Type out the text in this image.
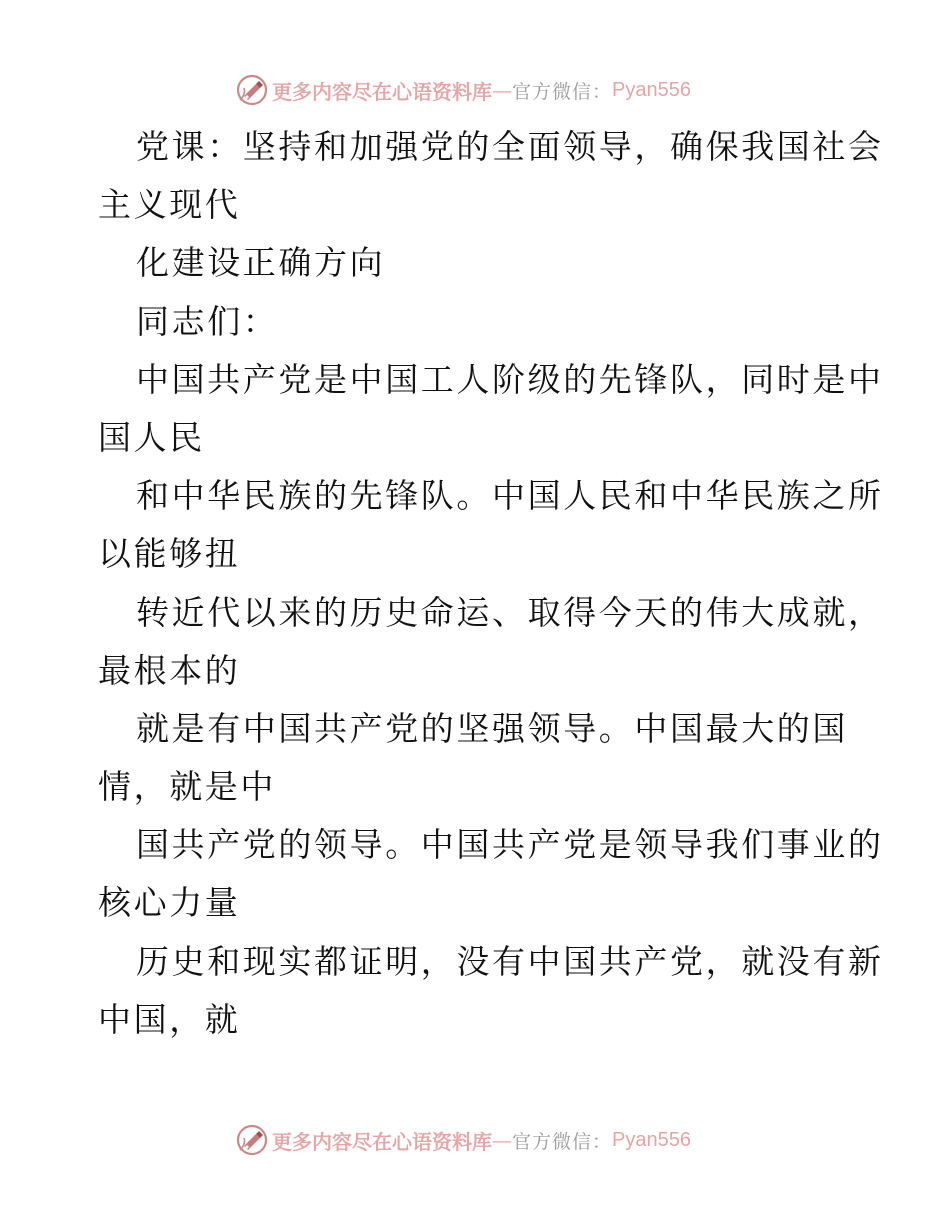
更多内容尽在心语资料库 — 官方微信： Pyan556
党课：坚持和加强党的全面领导，确保我国社会
主义现代
化建设正确方向
同志们：
中国共产党是中国工人阶级的先锋队，同时是中
国人民
和中华民族的先锋队。中国人民和中华民族之所
以能够扭
转近代以来的历史命运、取得今天的伟大成就，
最根本的
就是有中国共产党的坚强领导。中国最大的国
情，就是中
国共产党的领导。中国共产党是领导我们事业的
核心力量
历史和现实都证明，没有中国共产党，就没有新
中国，就
更多内容尽在心语资料库 — 官方微信： Pyan556
